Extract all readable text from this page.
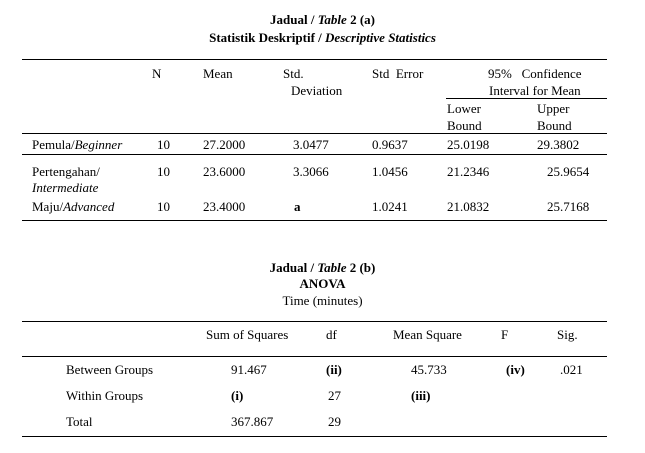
Jadual / Table 2 (a)
Statistik Deskriptif / Descriptive Statistics
N	Mean	Std.
Deviation
Std  Error	95%   Confidence
Interval for Mean
Lower
Bound
Upper
Bound
Pemula/Beginner	10	27.2000	3.0477	0.9637	25.0198	29.3802
Pertengahan/
Intermediate
10	23.6000	3.3066	1.0456	21.2346	25.9654
Maju/Advanced	10	23.4000	a	1.0241	21.0832	25.7168
Jadual / Table 2 (b)
ANOVA
Time (minutes)
Sum of Squares	df	Mean Square	F	Sig.
Between Groups	91.467	(ii)	45.733	(iv)	.021
Within Groups	(i)	27	(iii)
Total	367.867	29
